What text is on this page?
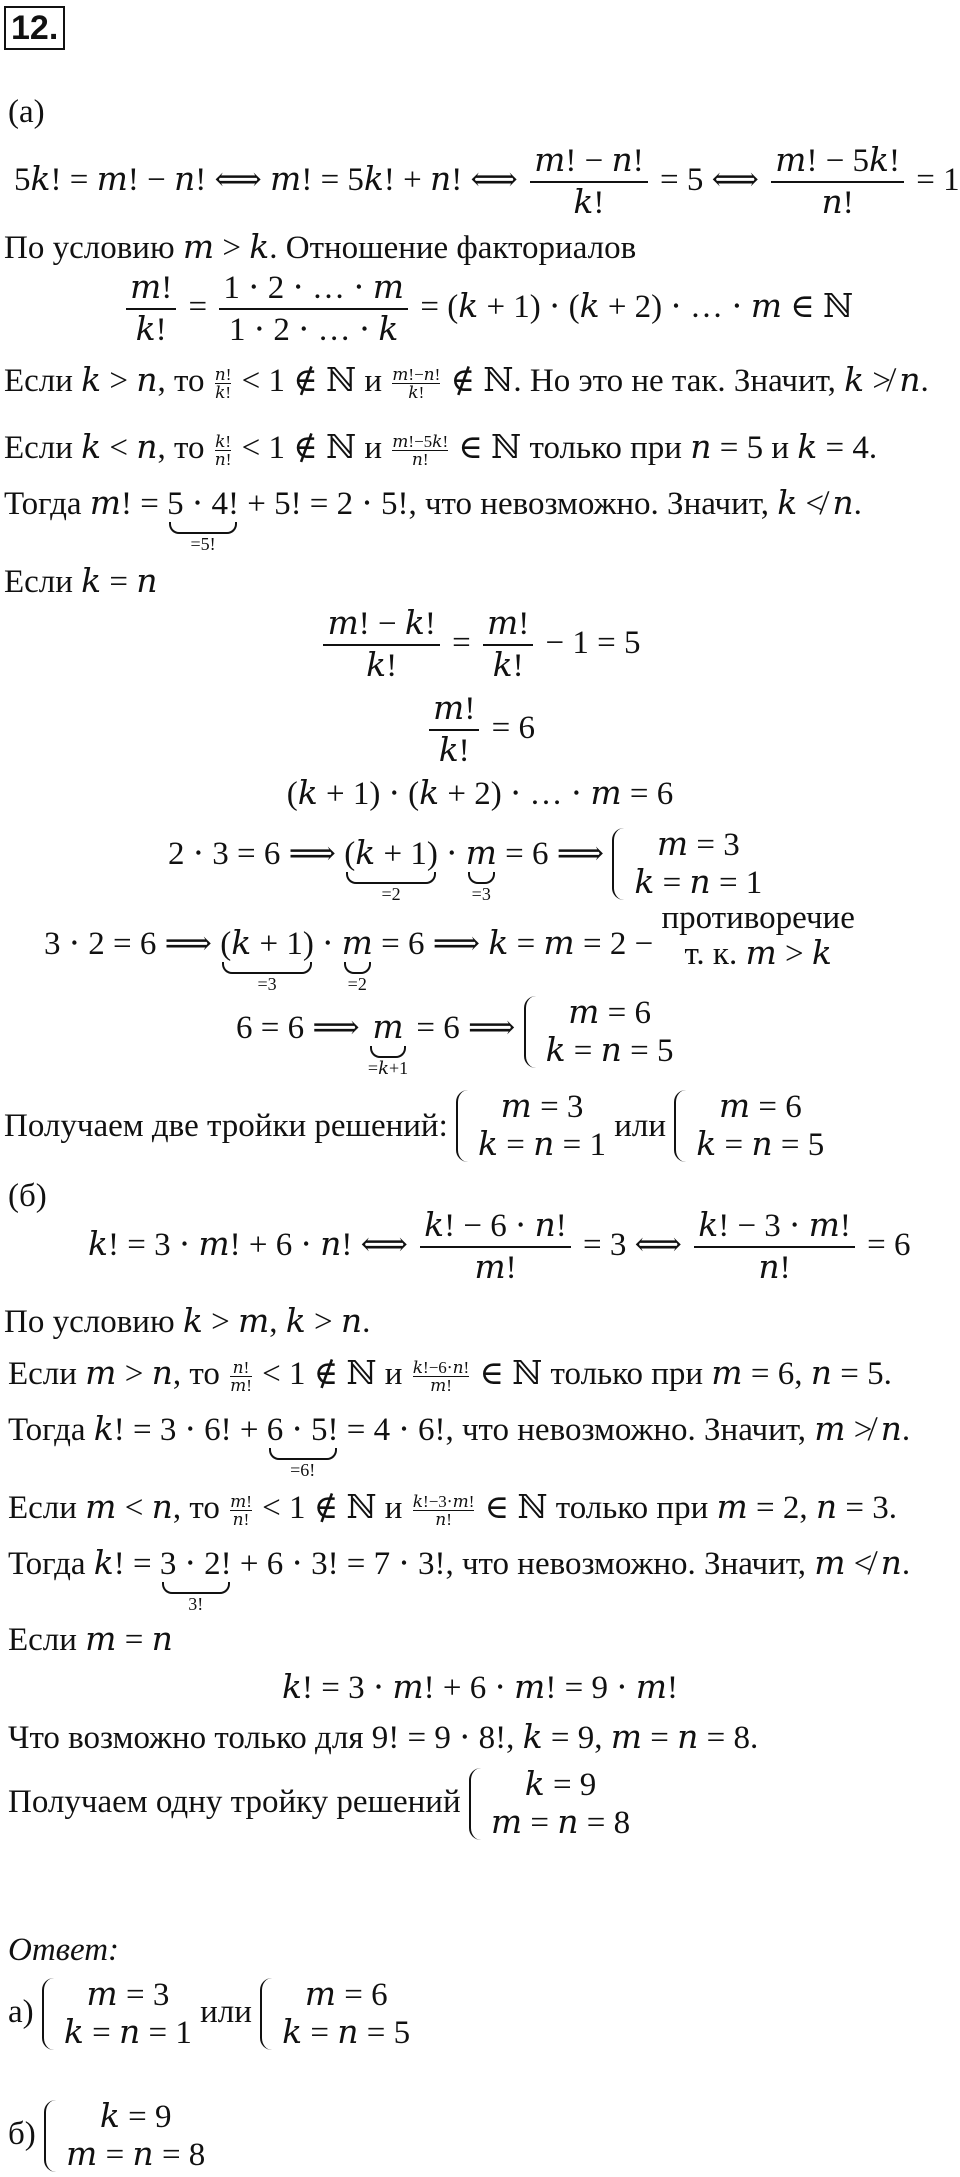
12.
(а)
5𝑘! = 𝑚! − 𝑛! ⟺ 𝑚! = 5𝑘! + 𝑛! ⟺ $\frac{\text{𝑚! − 𝑛!}}{\text{𝑘!}} = 5$ ⟺ $\frac{\text{𝑚! − 5𝑘!}}{\text{𝑛!}} = 1$
По условию 𝑚 > 𝑘. Отношение факториалов
$\frac{\text{𝑚!}}{\text{𝑘!}} = \frac{\text{1 ⋅ 2 ⋅ … ⋅ 𝑚}}{\text{1 ⋅ 2 ⋅ … ⋅ 𝑘}}$ = (𝑘 + 1) ⋅ (𝑘 + 2) ⋅ … ⋅ 𝑚 ∈ ℕ
Если 𝑘 > 𝑛, то 𝑛!
𝑘! < 1 ∉ ℕ и 𝑚!−𝑛!
𝑘! ∉ ℕ. Но это не так. Значит, 𝑘 ≯ 𝑛.
Если 𝑘 < 𝑛, то 𝑘!
𝑛! < 1 ∉ ℕ и 𝑚!−5𝑘!
𝑛! ∈ ℕ только при 𝑛 = 5 и 𝑘 = 4.
Тогда 𝑚! = 5 ⋅ 4!
=5!
+ 5! = 2 ⋅ 5!, что невозможно. Значит, 𝑘 ≮ 𝑛.
Если 𝑘 = 𝑛
$\frac{\text{𝑚! − 𝑘!}}{\text{𝑘!}} = \frac{\text{𝑚!}}{\text{𝑘!}} - 1 = 5$
$\frac{\text{𝑚!}}{\text{𝑘!}} = 6$
(𝑘 + 1) ⋅ (𝑘 + 2) ⋅ … ⋅ 𝑚 = 6
2 ⋅ 3 = 6 ⟹ (𝑘 + 1)
=2
⋅ 𝑚
=3
= 6 ⟹	𝑚 = 3
𝑘 = 𝑛 = 1
3 ⋅ 2 = 6 ⟹ (𝑘 + 1)
=3
⋅ 𝑚
=2
= 6 ⟹ 𝑘 = 𝑚 = 2 −
противоречие
т. к. 𝑚 > 𝑘
6 = 6 ⟹ 𝑚
=𝑘+1
= 6 ⟹	𝑚 = 6
𝑘 = 𝑛 = 5
Получаем две тройки решений:
𝑚 = 3
𝑘 = 𝑛 = 1
или
𝑚 = 6
𝑘 = 𝑛 = 5
(б)
𝑘! = 3 ⋅ 𝑚! + 6 ⋅ 𝑛! ⟺ $\frac{\text{𝑘! − 6 ⋅ 𝑛!}}{\text{𝑚!}} = 3$ ⟺ $\frac{\text{𝑘! − 3 ⋅ 𝑚!}}{\text{𝑛!}} = 6$
По условию 𝑘 > 𝑚, 𝑘 > 𝑛.
Если 𝑚 > 𝑛, то 𝑛!
𝑚! < 1 ∉ ℕ и 𝑘!−6⋅𝑛!
𝑚! ∈ ℕ только при 𝑚 = 6, 𝑛 = 5.
Тогда 𝑘! = 3 ⋅ 6! + 6 ⋅ 5!
=6!
= 4 ⋅ 6!, что невозможно. Значит, 𝑚 ≯ 𝑛.
Если 𝑚 < 𝑛, то 𝑚!
𝑛! < 1 ∉ ℕ и 𝑘!−3⋅𝑚!
𝑛! ∈ ℕ только при 𝑚 = 2, 𝑛 = 3.
Тогда 𝑘! = 3 ⋅ 2!
3!
+ 6 ⋅ 3! = 7 ⋅ 3!, что невозможно. Значит, 𝑚 ≮ 𝑛.
Если 𝑚 = 𝑛
𝑘! = 3 ⋅ 𝑚! + 6 ⋅ 𝑚! = 9 ⋅ 𝑚!
Что возможно только для 9! = 9 ⋅ 8!, 𝑘 = 9, 𝑚 = 𝑛 = 8.
Получаем одну тройку решений	𝑘 = 9
𝑚 = 𝑛 = 8
Ответ:
а)	𝑚 = 3
𝑘 = 𝑛 = 1
или	𝑚 = 6
𝑘 = 𝑛 = 5
б)	𝑘 = 9
𝑚 = 𝑛 = 8
